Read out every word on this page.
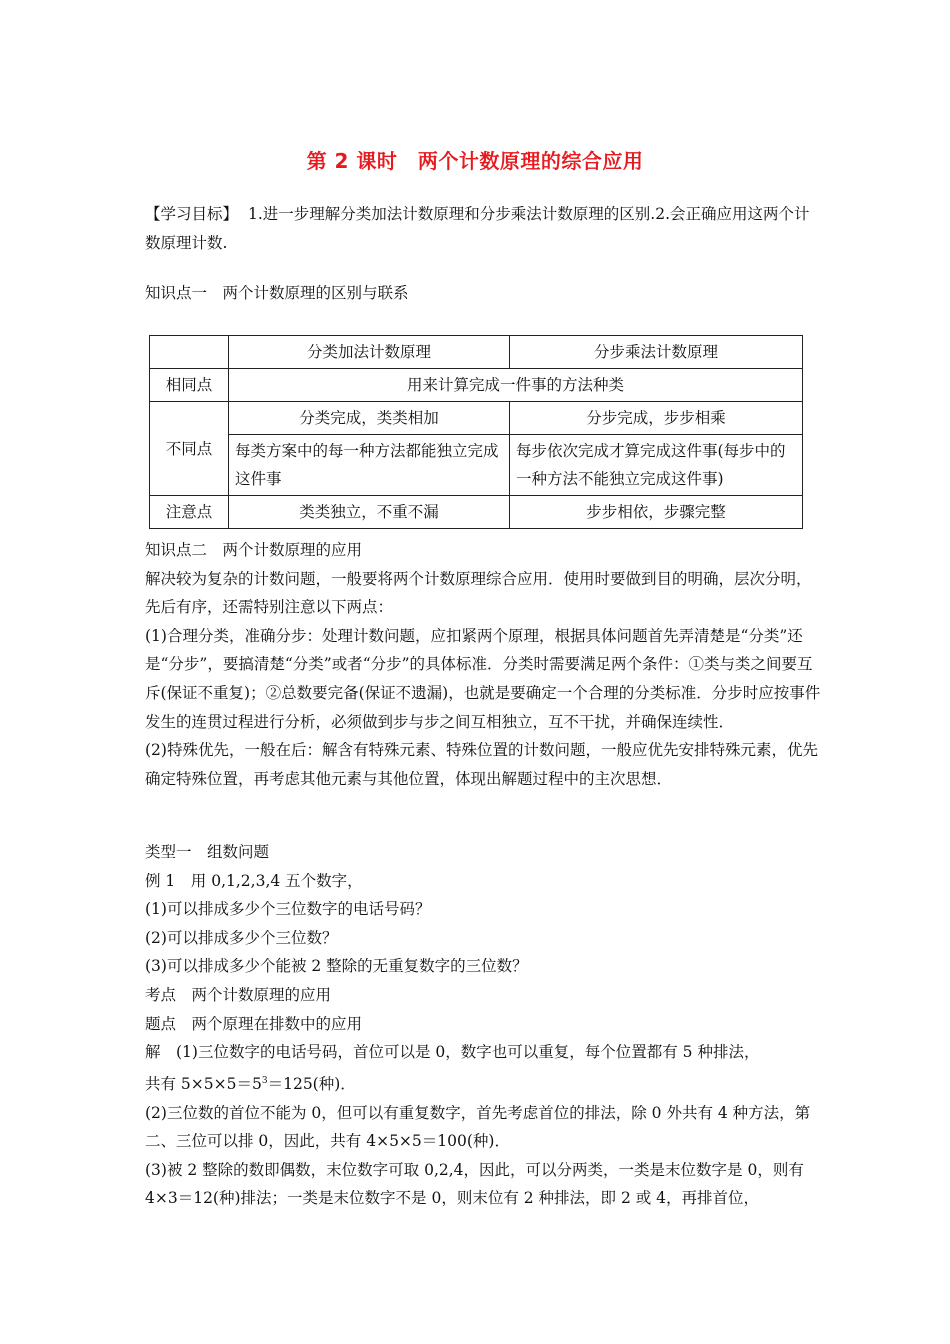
第 2 课时　两个计数原理的综合应用
【学习目标】 1.进一步理解分类加法计数原理和分步乘法计数原理的区别.2.会正确应用这两个计数原理计数.
知识点一　两个计数原理的区别与联系
	分类加法计数原理	分步乘法计数原理
相同点	用来计算完成一件事的方法种类	
不同点	分类完成，类类相加	分步完成，步步相乘
	每类方案中的每一种方法都能独立完成这件事	每步依次完成才算完成这件事(每步中的一种方法不能独立完成这件事)
注意点	类类独立，不重不漏	步步相依，步骤完整
知识点二　两个计数原理的应用
解决较为复杂的计数问题，一般要将两个计数原理综合应用．使用时要做到目的明确，层次分明，先后有序，还需特别注意以下两点：
(1)合理分类，准确分步：处理计数问题，应扣紧两个原理，根据具体问题首先弄清楚是“分类”还是“分步”，要搞清楚“分类”或者“分步”的具体标准．分类时需要满足两个条件：①类与类之间要互斥(保证不重复)；②总数要完备(保证不遗漏)，也就是要确定一个合理的分类标准．分步时应按事件发生的连贯过程进行分析，必须做到步与步之间互相独立，互不干扰，并确保连续性．
(2)特殊优先，一般在后：解含有特殊元素、特殊位置的计数问题，一般应优先安排特殊元素，优先确定特殊位置，再考虑其他元素与其他位置，体现出解题过程中的主次思想．
类型一　组数问题
例 1　用 0,1,2,3,4 五个数字，
(1)可以排成多少个三位数字的电话号码？
(2)可以排成多少个三位数？
(3)可以排成多少个能被 2 整除的无重复数字的三位数？
考点　两个计数原理的应用
题点　两个原理在排数中的应用
解　(1)三位数字的电话号码，首位可以是 0，数字也可以重复，每个位置都有 5 种排法，
共有 $5\times 5\times 5=5^3=125$(种)．
(2)三位数的首位不能为 0，但可以有重复数字，首先考虑首位的排法，除 0 外共有 4 种方法，第二、三位可以排 0，因此，共有 4×5×5＝100(种)．
(3)被 2 整除的数即偶数，末位数字可取 0,2,4，因此，可以分两类，一类是末位数字是 0，则有 4×3＝12(种)排法；一类是末位数字不是 0，则末位有 2 种排法，即 2 或 4，再排首位，
